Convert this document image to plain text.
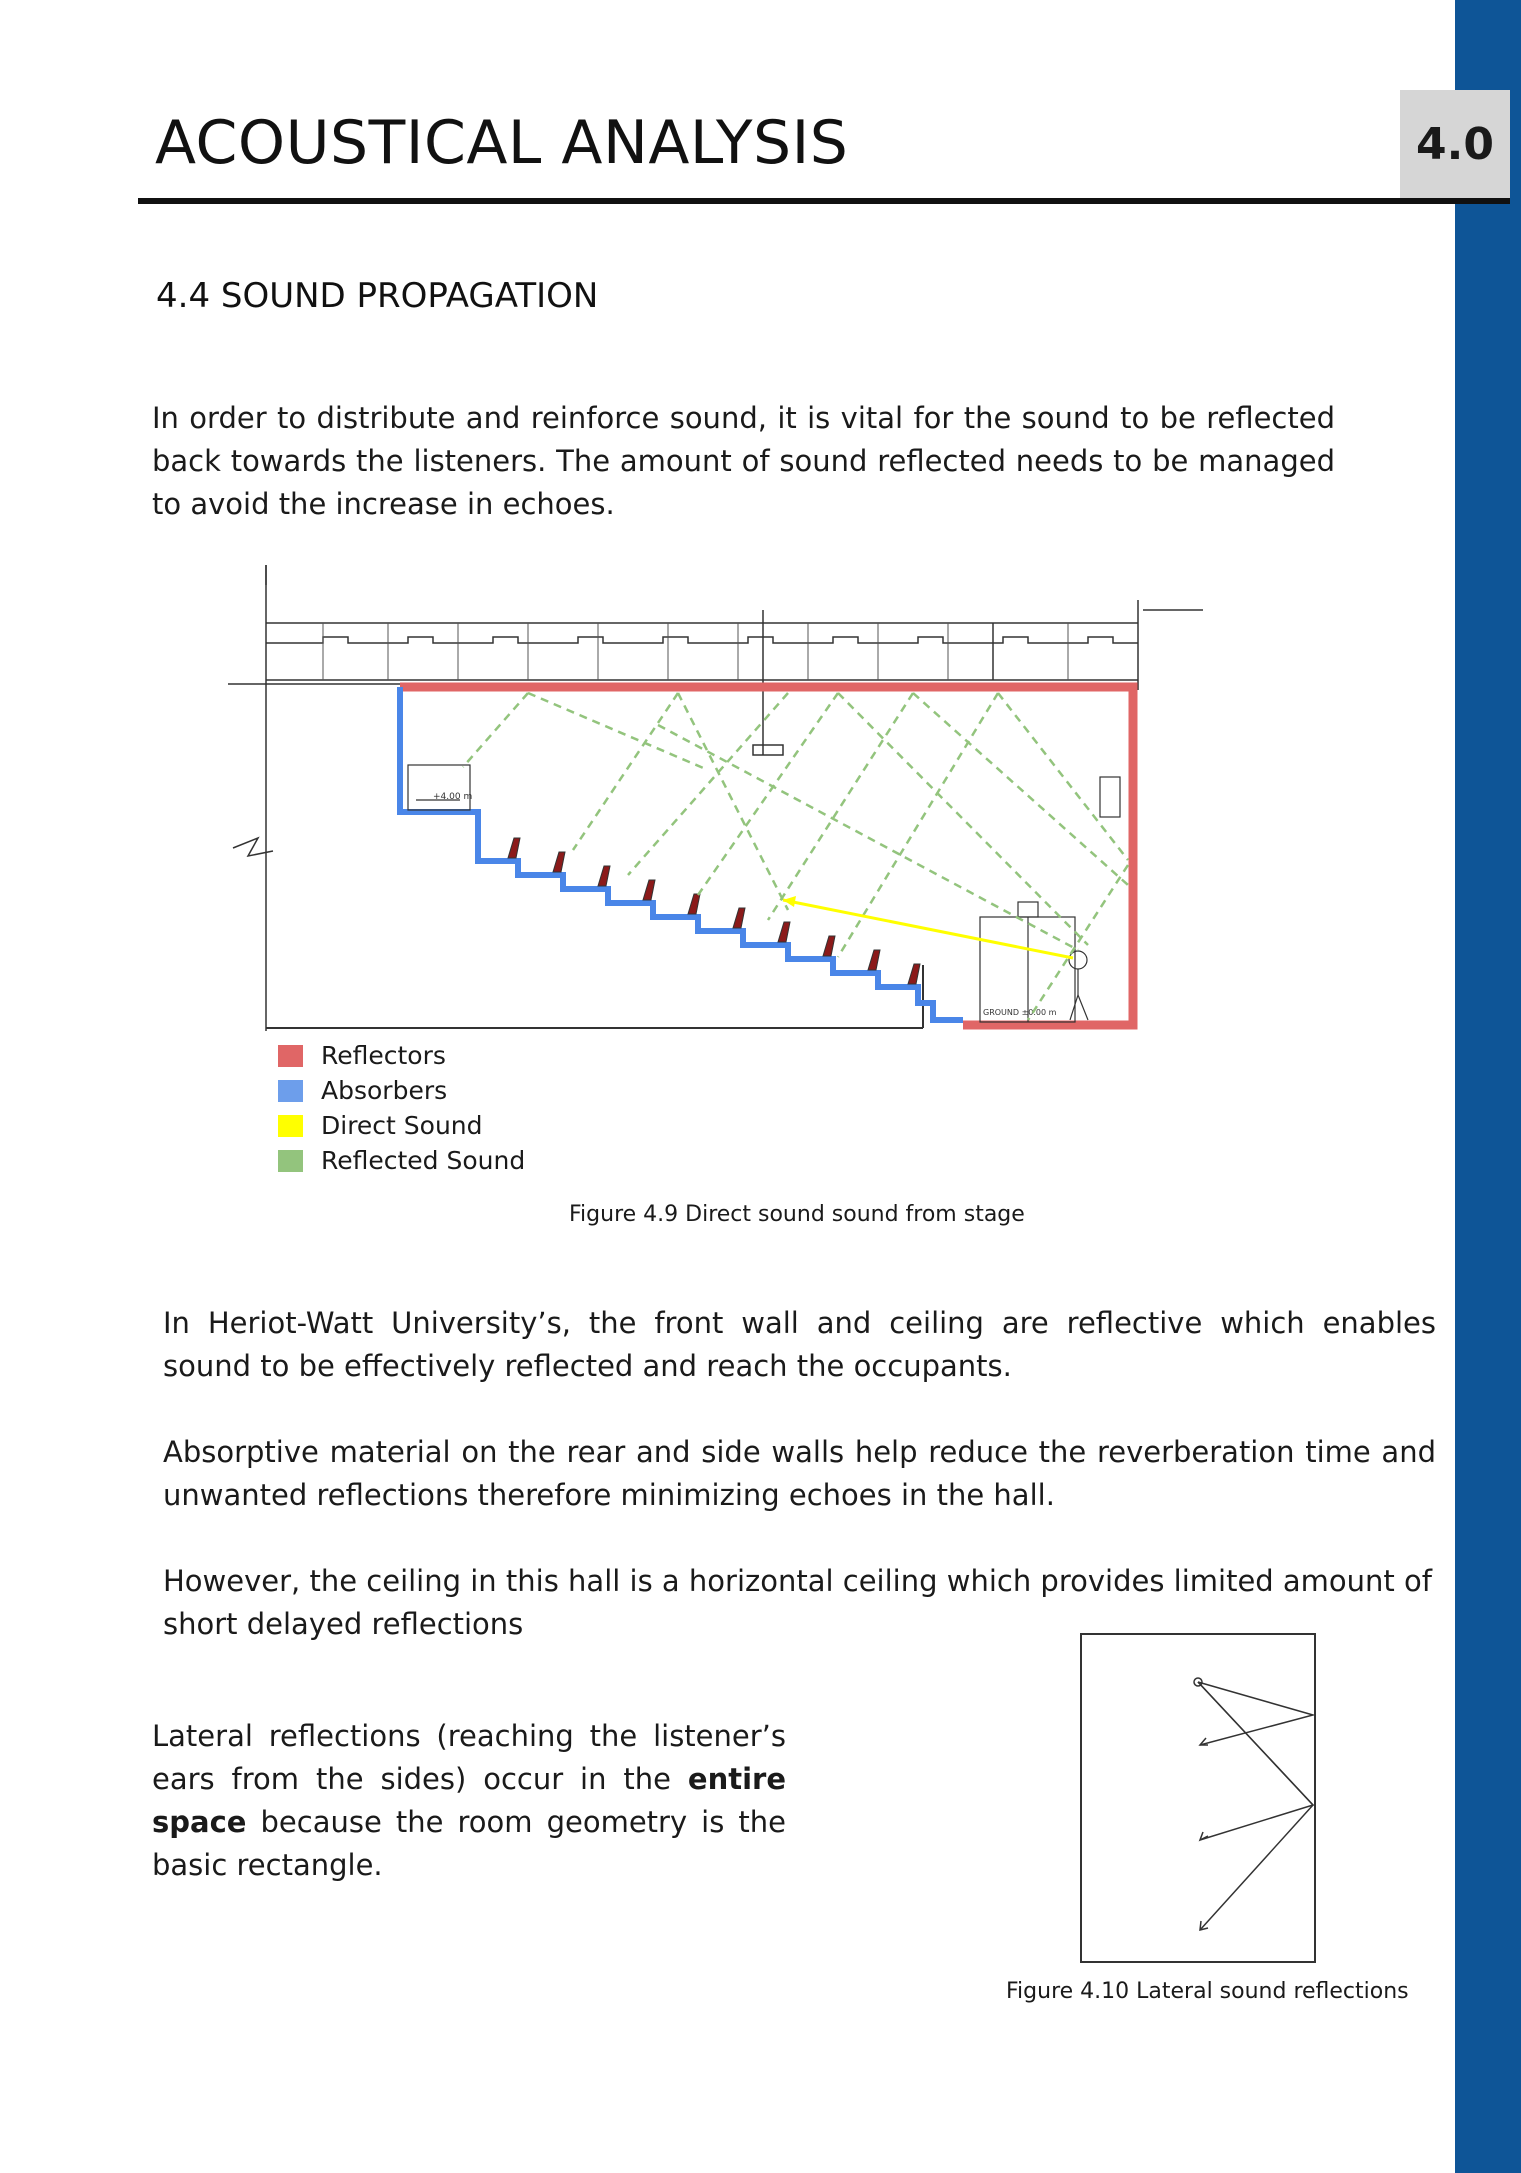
4.0
ACOUSTICAL ANALYSIS
4.4 SOUND PROPAGATION

In order to distribute and reinforce sound, it is vital for the sound to be reflected back towards the listeners. The amount of sound reflected needs to be managed to avoid the increase in echoes.

+4.00 m
GROUND ±0.00 m
Reflectors
Absorbers
Direct Sound
Reflected Sound
Figure 4.9 Direct sound sound from stage

In Heriot-Watt University’s, the front wall and ceiling are reflective which enables sound to be effectively reflected and reach the occupants.

Absorptive material on the rear and side walls help reduce the reverberation time and unwanted reflections therefore minimizing echoes in the hall.

However, the ceiling in this hall is a horizontal ceiling which provides limited amount of short delayed reflections

Lateral reflections (reaching the listener’s ears from the sides) occur in the entire space because the room geometry is the basic rectangle.

Figure 4.10 Lateral sound reflections
